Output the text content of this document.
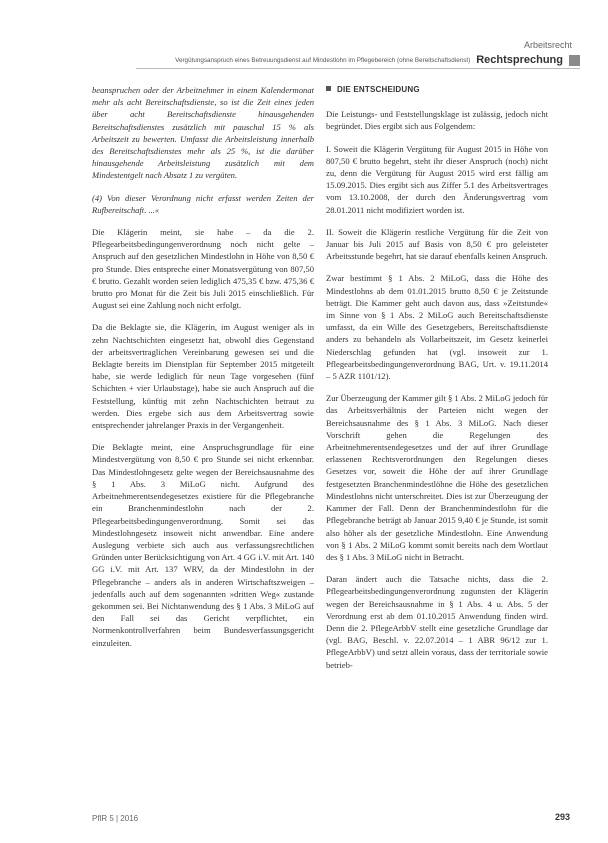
Arbeitsrecht
Vergütungsanspruch eines Betreuungsdienst auf Mindestlohn im Pflegebereich (ohne Bereitschaftsdienst) Rechtsprechung

beanspruchen oder der Arbeitnehmer in einem Kalendermonat mehr als acht Bereitschaftsdienste, so ist die Zeit eines jeden über acht Bereitschaftsdienste hinausgehenden Bereitschaftsdienstes zusätzlich mit pauschal 15 % als Arbeitszeit zu bewerten. Umfasst die Arbeitsleistung innerhalb des Bereitschaftsdienstes mehr als 25 %, ist die darüber hinausgehende Arbeitsleistung zusätzlich mit dem Mindestentgelt nach Absatz 1 zu vergüten.

(4) Von dieser Verordnung nicht erfasst werden Zeiten der Rufbereitschaft. ...«

Die Klägerin meint, sie habe – da die 2. Pflegearbeitsbedingungenverordnung noch nicht gelte – Anspruch auf den gesetzlichen Mindestlohn in Höhe von 8,50 € pro Stunde. Dies entspreche einer Monatsvergütung von 807,50 € brutto. Gezahlt worden seien lediglich 475,35 € bzw. 475,36 € brutto pro Monat für die Zeit bis Juli 2015 einschließlich. Für August sei eine Zahlung noch nicht erfolgt.

Da die Beklagte sie, die Klägerin, im August weniger als in zehn Nachtschichten eingesetzt hat, obwohl dies Gegenstand der arbeitsvertraglichen Vereinbarung gewesen sei und die Beklagte bereits im Dienstplan für September 2015 mitgeteilt habe, sie werde lediglich für neun Tage vorgesehen (fünf Schichten + vier Urlaubstage), habe sie auch Anspruch auf die Feststellung, künftig mit zehn Nachtschichten betraut zu werden. Dies ergebe sich aus dem Arbeitsvertrag sowie entsprechender jahrelanger Praxis in der Vergangenheit.

Die Beklagte meint, eine Anspruchsgrundlage für eine Mindestvergütung von 8,50 € pro Stunde sei nicht erkennbar. Das Mindestlohngesetz gelte wegen der Bereichsausnahme des § 1 Abs. 3 MiLoG nicht. Aufgrund des Arbeitnehmerentsendegesetzes existiere für die Pflegebranche ein Branchenmindestlohn nach der 2. Pflegearbeitsbedingungenverordnung. Somit sei das Mindestlohngesetz insoweit nicht anwendbar. Eine andere Auslegung verbiete sich auch aus verfassungsrechtlichen Gründen unter Berücksichtigung von Art. 4 GG i.V. mit Art. 140 GG i.V. mit Art. 137 WRV, da der Mindestlohn in der Pflegebranche – anders als in anderen Wirtschaftszweigen – jedenfalls auch auf dem sogenannten »dritten Weg« zustande gekommen sei. Bei Nichtanwendung des § 1 Abs. 3 MiLoG auf den Fall sei das Gericht verpflichtet, ein Normenkontrollverfahren beim Bundesverfassungsgericht einzuleiten.

DIE ENTSCHEIDUNG

Die Leistungs- und Feststellungsklage ist zulässig, jedoch nicht begründet. Dies ergibt sich aus Folgendem:

I. Soweit die Klägerin Vergütung für August 2015 in Höhe von 807,50 € brutto begehrt, steht ihr dieser Anspruch (noch) nicht zu, denn die Vergütung für August 2015 wird erst fällig am 15.09.2015. Dies ergibt sich aus Ziffer 5.1 des Arbeitsvertrages vom 13.10.2008, der durch den Änderungsvertrag vom 28.01.2011 nicht modifiziert worden ist.

II. Soweit die Klägerin restliche Vergütung für die Zeit von Januar bis Juli 2015 auf Basis von 8,50 € pro geleisteter Arbeitsstunde begehrt, hat sie darauf ebenfalls keinen Anspruch.

Zwar bestimmt § 1 Abs. 2 MiLoG, dass die Höhe des Mindestlohns ab dem 01.01.2015 brutto 8,50 € je Zeitstunde beträgt. Die Kammer geht auch davon aus, dass »Zeitstunde« im Sinne von § 1 Abs. 2 MiLoG auch Bereitschaftsdienste umfasst, da ein Wille des Gesetzgebers, Bereitschaftsdienste anders zu behandeln als Vollarbeitszeit, im Gesetz keinerlei Niederschlag gefunden hat (vgl. insoweit zur 1. Pflegearbeitsbedingungenverordnung BAG, Urt. v. 19.11.2014 – 5 AZR 1101/12).

Zur Überzeugung der Kammer gilt § 1 Abs. 2 MiLoG jedoch für das Arbeitsverhältnis der Parteien nicht wegen der Bereichsausnahme des § 1 Abs. 3 MiLoG. Nach dieser Vorschrift gehen die Regelungen des Arbeitnehmerentsendegesetzes und der auf ihrer Grundlage erlassenen Rechtsverordnungen den Regelungen dieses Gesetzes vor, soweit die Höhe der auf ihrer Grundlage festgesetzten Branchenmindestlöhne die Höhe des gesetzlichen Mindestlohns nicht unterschreitet. Dies ist zur Überzeugung der Kammer der Fall. Denn der Branchenmindestlohn für die Pflegebranche beträgt ab Januar 2015 9,40 € je Stunde, ist somit also höher als der gesetzliche Mindestlohn. Eine Anwendung von § 1 Abs. 2 MiLoG kommt somit bereits nach dem Wortlaut des § 1 Abs. 3 MiLoG nicht in Betracht.

Daran ändert auch die Tatsache nichts, dass die 2. Pflegearbeitsbedingungenverordnung zugunsten der Klägerin wegen der Bereichsausnahme in § 1 Abs. 4 u. Abs. 5 der Verordnung erst ab dem 01.10.2015 Anwendung finden wird. Denn die 2. PflegeArbbV stellt eine gesetzliche Grundlage dar (vgl. BAG, Beschl. v. 22.07.2014 – 1 ABR 96/12 zur 1. PflegeArbbV) und setzt allein voraus, dass der territoriale sowie betrieb-

PflR 5 | 2016	293
